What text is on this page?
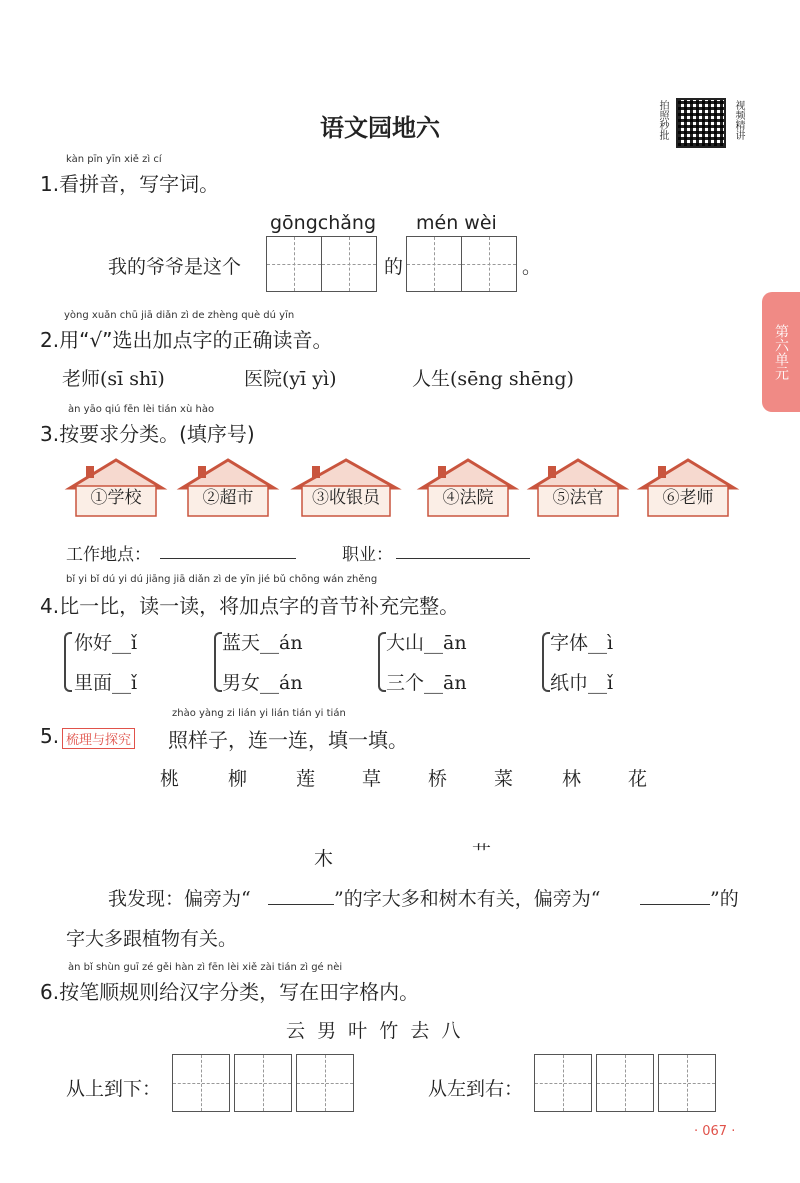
语文园地六	拍照秒批	视频精讲
第六单元
kàn pīn yīn xiě zì cí
1.看拼音，写字词。
gōngchǎng mén wèi
我的爷爷是这个	的	。
yòng xuǎn chū jiā diǎn zì de zhèng què dú yīn
2.用“√”选出加点字的正确读音。
老师(sī shī)	医院(yī yì)	人生(sēng shēng)
àn yāo qiú fēn lèi tián xù hào
3.按要求分类。(填序号)
①学校	②超市	③收银员	④法院	⑤法官	⑥老师
工作地点：	职业：
bǐ yi bǐ dú yi dú jiāng jiā diǎn zì de yīn jié bǔ chōng wán zhěng
4.比一比，读一读，将加点字的音节补充完整。
你好__ǐ
里面__ǐ
蓝天__án
男女__án
大山__ān
三个__ān
字体__ì
纸巾__ǐ
zhào yàng zi lián yi lián tián yi tián
5. 梳理与探究 照样子，连一连，填一填。
桃	柳	莲 草 桥 菜	林 花
木	艹
我发现：偏旁为“	”的字大多和树木有关，偏旁为“	”的
字大多跟植物有关。
àn bǐ shùn guī zé gěi hàn zì fēn lèi xiě zài tián zì gé nèi
6.按笔顺规则给汉字分类，写在田字格内。
云  男  叶  竹  去  八
从上到下：	从左到右：
· 067 ·
